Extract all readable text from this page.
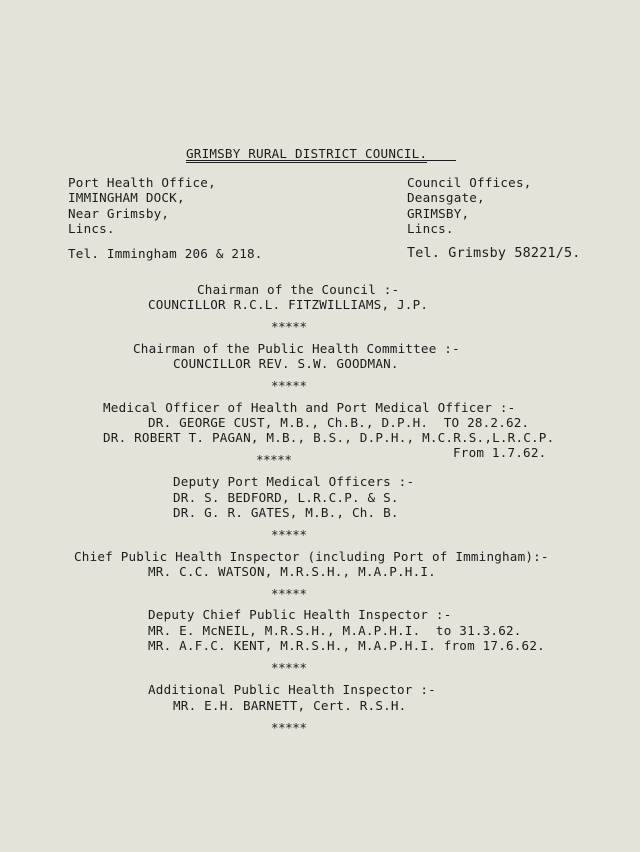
GRIMSBY RURAL DISTRICT COUNCIL.
Port Health Office,
IMMINGHAM DOCK,
Near Grimsby,
Lincs.
Council Offices,
Deansgate,
GRIMSBY,
Lincs.
Tel. Immingham 206 & 218.	Tel. Grimsby 58221/5.
Chairman of the Council :-
COUNCILLOR R.C.L. FITZWILLIAMS, J.P.
*****
Chairman of the Public Health Committee :-
COUNCILLOR REV. S.W. GOODMAN.
*****
Medical Officer of Health and Port Medical Officer :-
DR. GEORGE CUST, M.B., Ch.B., D.P.H.  TO 28.2.62.
DR. ROBERT T. PAGAN, M.B., B.S., D.P.H., M.C.R.S.,L.R.C.P.
From 1.7.62.
*****
Deputy Port Medical Officers :-
DR. S. BEDFORD, L.R.C.P. & S.
DR. G. R. GATES, M.B., Ch. B.
*****
Chief Public Health Inspector (including Port of Immingham):-
MR. C.C. WATSON, M.R.S.H., M.A.P.H.I.
*****
Deputy Chief Public Health Inspector :-
MR. E. McNEIL, M.R.S.H., M.A.P.H.I.  to 31.3.62.
MR. A.F.C. KENT, M.R.S.H., M.A.P.H.I. from 17.6.62.
*****
Additional Public Health Inspector :-
MR. E.H. BARNETT, Cert. R.S.H.
*****
